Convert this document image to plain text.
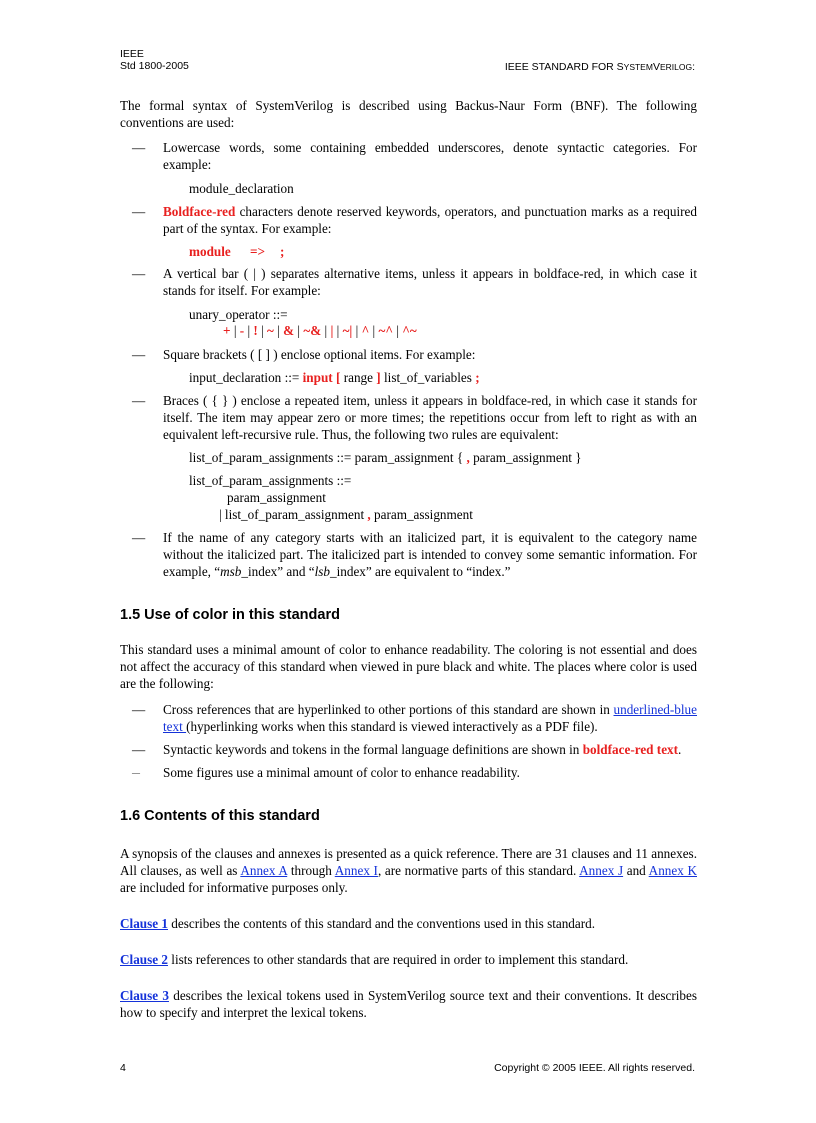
IEEE
Std 1800-2005	IEEE STANDARD FOR SYSTEMVERILOG:
The formal syntax of SystemVerilog is described using Backus-Naur Form (BNF). The following conventions are used:
— Lowercase words, some containing embedded underscores, denote syntactic categories. For example:
module_declaration
— Boldface-red characters denote reserved keywords, operators, and punctuation marks as a required part of the syntax. For example:
module => ;
— A vertical bar ( | ) separates alternative items, unless it appears in boldface-red, in which case it stands for itself. For example:
unary_operator ::=
+ | - | ! | ~ | & | ~& | | | ~| | ^ | ~^ | ^~
— Square brackets ( [ ] ) enclose optional items. For example:
input_declaration ::= input [ range ] list_of_variables ;
— Braces ( { } ) enclose a repeated item, unless it appears in boldface-red, in which case it stands for itself. The item may appear zero or more times; the repetitions occur from left to right as with an equivalent left-recursive rule. Thus, the following two rules are equivalent:
list_of_param_assignments ::= param_assignment { , param_assignment }
list_of_param_assignments ::=
param_assignment
| list_of_param_assignment , param_assignment
— If the name of any category starts with an italicized part, it is equivalent to the category name without the italicized part. The italicized part is intended to convey some semantic information. For example, “msb_index” and “lsb_index” are equivalent to “index.”
1.5 Use of color in this standard
This standard uses a minimal amount of color to enhance readability. The coloring is not essential and does not affect the accuracy of this standard when viewed in pure black and white. The places where color is used are the following:
— Cross references that are hyperlinked to other portions of this standard are shown in underlined-blue text (hyperlinking works when this standard is viewed interactively as a PDF file).
— Syntactic keywords and tokens in the formal language definitions are shown in boldface-red text.
— Some figures use a minimal amount of color to enhance readability.
1.6 Contents of this standard
A synopsis of the clauses and annexes is presented as a quick reference. There are 31 clauses and 11 annexes. All clauses, as well as Annex A through Annex I, are normative parts of this standard. Annex J and Annex K are included for informative purposes only.
Clause 1 describes the contents of this standard and the conventions used in this standard.
Clause 2 lists references to other standards that are required in order to implement this standard.
Clause 3 describes the lexical tokens used in SystemVerilog source text and their conventions. It describes how to specify and interpret the lexical tokens.
4	Copyright © 2005 IEEE. All rights reserved.
